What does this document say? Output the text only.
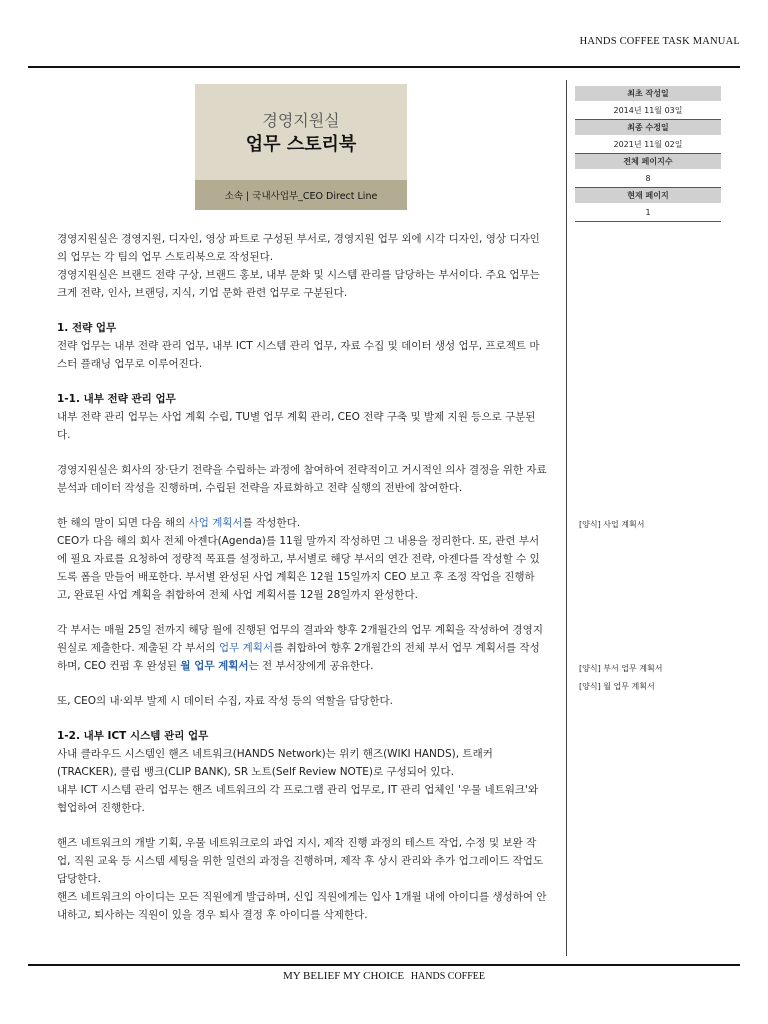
HANDS COFFEE TASK MANUAL
경영지원실
업무 스토리북
소속 | 국내사업부_CEO Direct Line
최초 작성일
2014년 11월 03일
최종 수정일
2021년 11월 02일
전체 페이지수
8
현재 페이지
1

경영지원실은 경영지원, 디자인, 영상 파트로 구성된 부서로, 경영지원 업무 외에 시각 디자인, 영상 디자인의 업무는 각 팀의 업무 스토리북으로 작성된다.

경영지원실은 브랜드 전략 구상, 브랜드 홍보, 내부 문화 및 시스템 관리를 담당하는 부서이다. 주요 업무는 크게 전략, 인사, 브랜딩, 지식, 기업 문화 관련 업무로 구분된다.

1. 전략 업무

전략 업무는 내부 전략 관리 업무, 내부 ICT 시스템 관리 업무, 자료 수집 및 데이터 생성 업무, 프로젝트 마스터 플래닝 업무로 이루어진다.

1-1. 내부 전략 관리 업무

내부 전략 관리 업무는 사업 계획 수립, TU별 업무 계획 관리, CEO 전략 구축 및 발제 지원 등으로 구분된다.

경영지원실은 회사의 장·단기 전략을 수립하는 과정에 참여하여 전략적이고 거시적인 의사 결정을 위한 자료 분석과 데이터 작성을 진행하며, 수립된 전략을 자료화하고 전략 실행의 전반에 참여한다.

한 해의 말이 되면 다음 해의 사업 계획서를 작성한다.

CEO가 다음 해의 회사 전체 아젠다(Agenda)를 11월 말까지 작성하면 그 내용을 정리한다. 또, 관련 부서에 필요 자료를 요청하여 정량적 목표를 설정하고, 부서별로 해당 부서의 연간 전략, 아젠다를 작성할 수 있도록 폼을 만들어 배포한다. 부서별 완성된 사업 계획은 12월 15일까지 CEO 보고 후 조정 작업을 진행하고, 완료된 사업 계획을 취합하여 전체 사업 계획서를 12월 28일까지 완성한다.

각 부서는 매월 25일 전까지 해당 월에 진행된 업무의 결과와 향후 2개월간의 업무 계획을 작성하여 경영지원실로 제출한다. 제출된 각 부서의 업무 계획서를 취합하여 향후 2개월간의 전체 부서 업무 계획서를 작성하며, CEO 컨펌 후 완성된 월 업무 계획서는 전 부서장에게 공유한다.

또, CEO의 내·외부 발제 시 데이터 수집, 자료 작성 등의 역할을 담당한다.

1-2. 내부 ICT 시스템 관리 업무

사내 클라우드 시스템인 핸즈 네트워크(HANDS Network)는 위키 핸즈(WIKI HANDS), 트래커(TRACKER), 클립 뱅크(CLIP BANK), SR 노트(Self Review NOTE)로 구성되어 있다.

내부 ICT 시스템 관리 업무는 핸즈 네트워크의 각 프로그램 관리 업무로, IT 관리 업체인 '우물 네트워크'와 협업하여 진행한다.

핸즈 네트워크의 개발 기획, 우물 네트워크로의 과업 지시, 제작 진행 과정의 테스트 작업, 수정 및 보완 작업, 직원 교육 등 시스템 세팅을 위한 일련의 과정을 진행하며, 제작 후 상시 관리와 추가 업그레이드 작업도 담당한다.

핸즈 네트워크의 아이디는 모든 직원에게 발급하며, 신입 직원에게는 입사 1개월 내에 아이디를 생성하여 안내하고, 퇴사하는 직원이 있을 경우 퇴사 결정 후 아이디를 삭제한다.

[양식] 사업 계획서
[양식] 부서 업무 계획서
[양식] 월 업무 계획서
MY BELIEF MY CHOICE HANDS COFFEE
